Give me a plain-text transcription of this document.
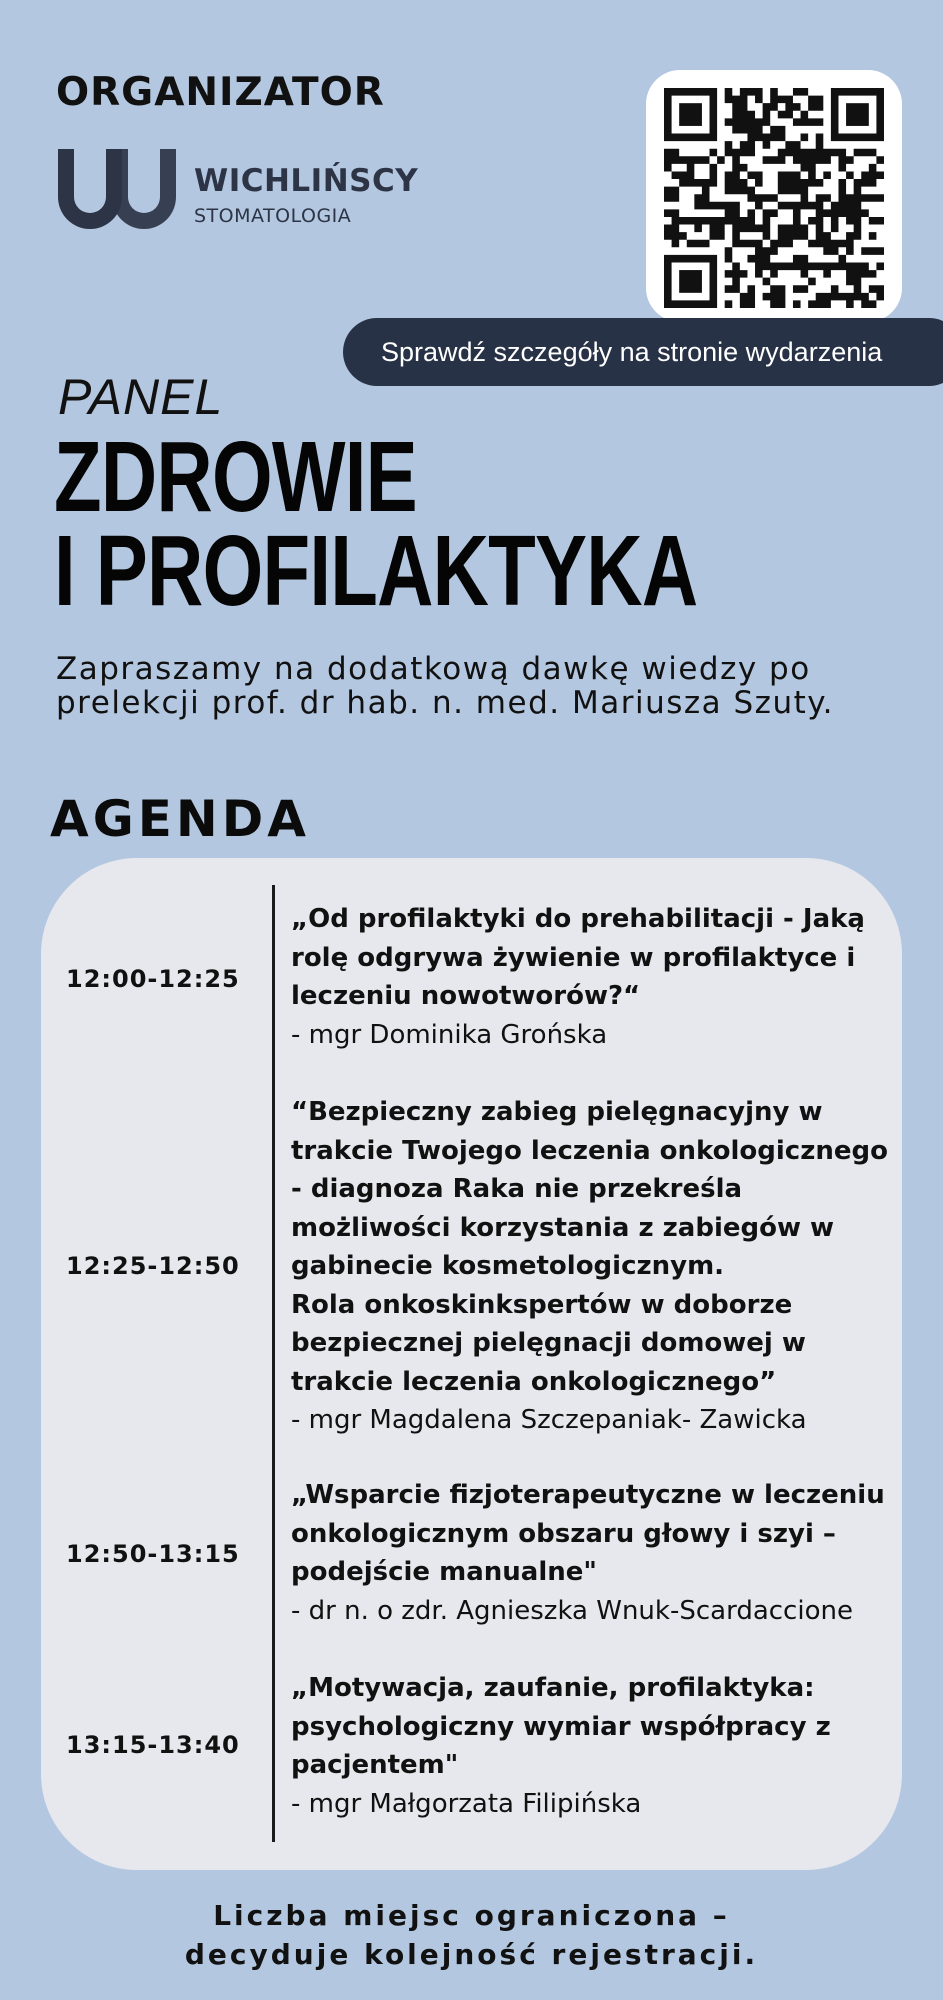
ORGANIZATOR
WICHLIŃSCY
STOMATOLOGIA
Sprawdź szczegóły na stronie wydarzenia
PANEL
ZDROWIE
I PROFILAKTYKA
Zapraszamy na dodatkową dawkę wiedzy po prelekcji prof. dr hab. n. med. Mariusza Szuty.
AGENDA
12:00-12:25
„Od profilaktyki do prehabilitacji - Jaką rolę odgrywa żywienie w profilaktyce i leczeniu nowotworów?“
- mgr Dominika Grońska
12:25-12:50
“Bezpieczny zabieg pielęgnacyjny w trakcie Twojego leczenia onkologicznego - diagnoza Raka nie przekreśla możliwości korzystania z zabiegów w gabinecie kosmetologicznym.
Rola onkoskinkspertów w doborze bezpiecznej pielęgnacji domowej w trakcie leczenia onkologicznego”
- mgr Magdalena Szczepaniak- Zawicka
12:50-13:15
„Wsparcie fizjoterapeutyczne w leczeniu onkologicznym obszaru głowy i szyi – podejście manualne"
- dr n. o zdr. Agnieszka Wnuk-Scardaccione
13:15-13:40
„Motywacja, zaufanie, profilaktyka: psychologiczny wymiar współpracy z pacjentem"
- mgr Małgorzata Filipińska
Liczba miejsc ograniczona –
decyduje kolejność rejestracji.
